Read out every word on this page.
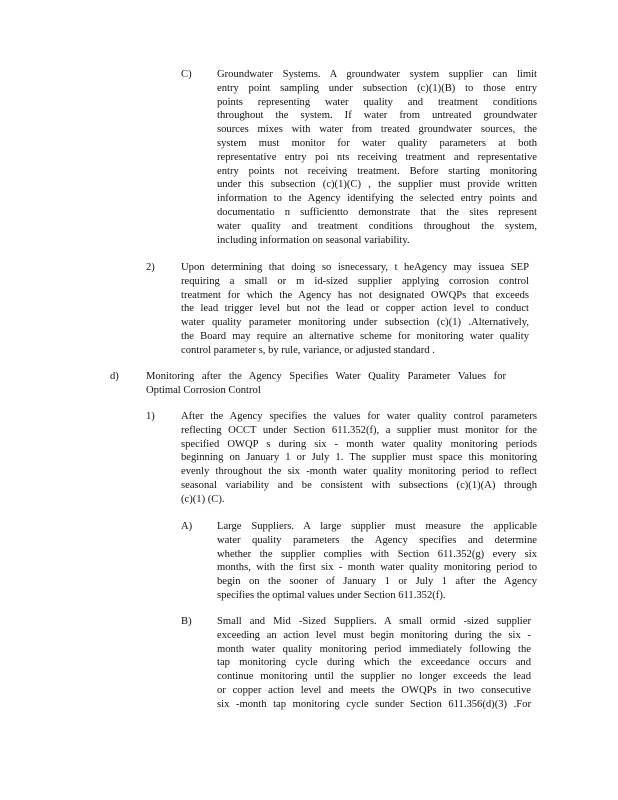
C) Groundwater Systems. A groundwater system supplier can limit
entry point sampling under subsection (c)(1)(B) to those entry
points representing water quality and treatment conditions
throughout the system. If water from untreated groundwater
sources mixes with water from treated groundwater sources, the
system must monitor for water quality parameters at both
representative entry poi nts receiving treatment and representative
entry points not receiving treatment. Before starting monitoring
under this subsection (c)(1)(C) , the supplier must provide written
information to the Agency identifying the selected entry points and
documentatio n sufficientto demonstrate that the sites represent
water quality and treatment conditions throughout the system,
including information on seasonal variability.
2) Upon determining that doing so isnecessary, t heAgency may issuea SEP
requiring a small or m id-sized supplier applying corrosion control
treatment for which the Agency has not designated OWQPs that exceeds
the lead trigger level but not the lead or copper action level to conduct
water quality parameter monitoring under subsection (c)(1) .Alternatively,
the Board may require an alternative scheme for monitoring water quality
control parameter s, by rule, variance, or adjusted standard .
d)	Monitoring after the Agency Specifies Water Quality Parameter Values for
Optimal Corrosion Control
1) After the Agency specifies the values for water quality control parameters
reflecting OCCT under Section 611.352(f), a supplier must monitor for the
specified OWQP s during six - month water quality monitoring periods
beginning on January 1 or July 1. The supplier must space this monitoring
evenly throughout the six -month water quality monitoring period to reflect
seasonal variability and be consistent with subsections (c)(1)(A) through
(c)(1) (C).
A) Large Suppliers. A large supplier must measure the applicable
water quality parameters the Agency specifies and determine
whether the supplier complies with Section 611.352(g) every six
months, with the first six - month water quality monitoring period to
begin on the sooner of January 1 or July 1 after the Agency
specifies the optimal values under Section 611.352(f).
B) Small and Mid -Sized Suppliers. A small ormid -sized supplier
exceeding an action level must begin monitoring during the six -
month water quality monitoring period immediately following the
tap monitoring cycle during which the exceedance occurs and
continue monitoring until the supplier no longer exceeds the lead
or copper action level and meets the OWQPs in two consecutive
six -month tap monitoring cycle sunder Section 611.356(d)(3) .For
